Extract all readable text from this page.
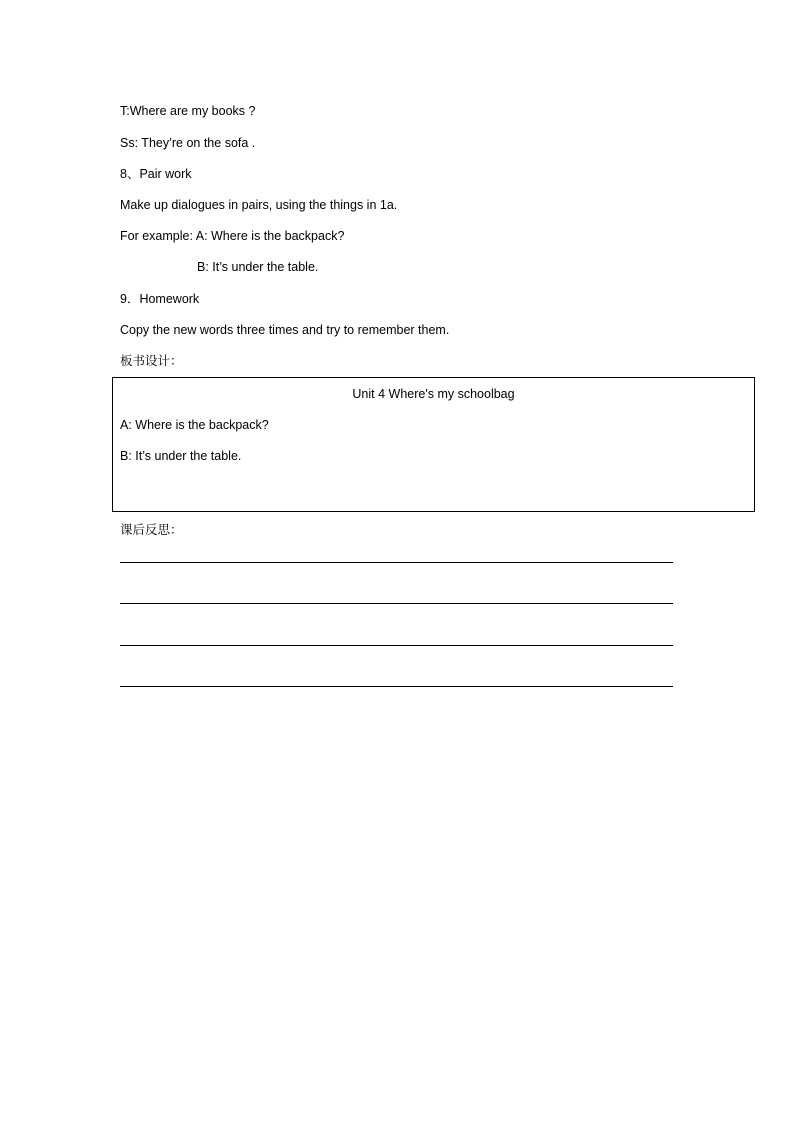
T:Where are my books ?
Ss: They’re on the sofa .
8、Pair work
Make up dialogues in pairs, using the things in 1a.
For example: A: Where is the backpack?
B: It’s under the table.
9．Homework
Copy the new words three times and try to remember them.
板书设计：
Unit 4 Where's my schoolbag
A: Where is the backpack?
B: It’s under the table.
课后反思：
